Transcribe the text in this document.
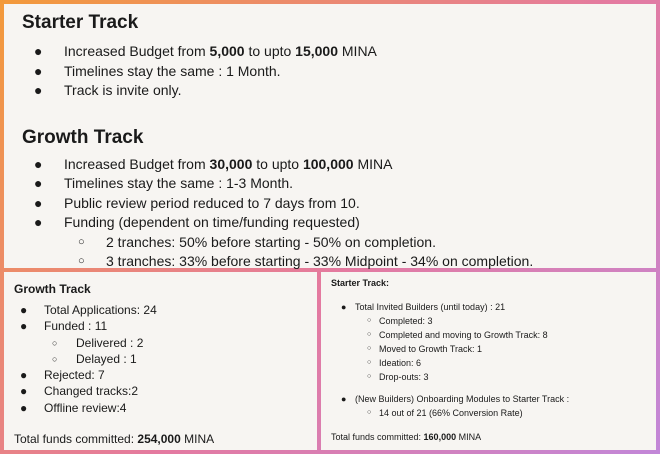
Starter Track
● Increased Budget from 5,000 to upto 15,000 MINA
● Timelines stay the same : 1 Month.
● Track is invite only.
Growth Track
● Increased Budget from 30,000 to upto 100,000 MINA
● Timelines stay the same : 1-3 Month.
● Public review period reduced to 7 days from 10.
● Funding (dependent on time/funding requested)
○ 2 tranches: 50% before starting - 50% on completion.
○ 3 tranches: 33% before starting - 33% Midpoint - 34% on completion.
Growth Track
● Total Applications: 24
● Funded : 11
○ Delivered : 2
○ Delayed : 1
● Rejected: 7
● Changed tracks:2
● Offline review:4
Total funds committed: 254,000 MINA
Starter Track:
● Total Invited Builders (until today) : 21
○ Completed: 3
○ Completed and moving to Growth Track: 8
○ Moved to Growth Track: 1
○ Ideation: 6
○ Drop-outs: 3
● (New Builders) Onboarding Modules to Starter Track :
○ 14 out of 21 (66% Conversion Rate)
Total funds committed: 160,000 MINA
